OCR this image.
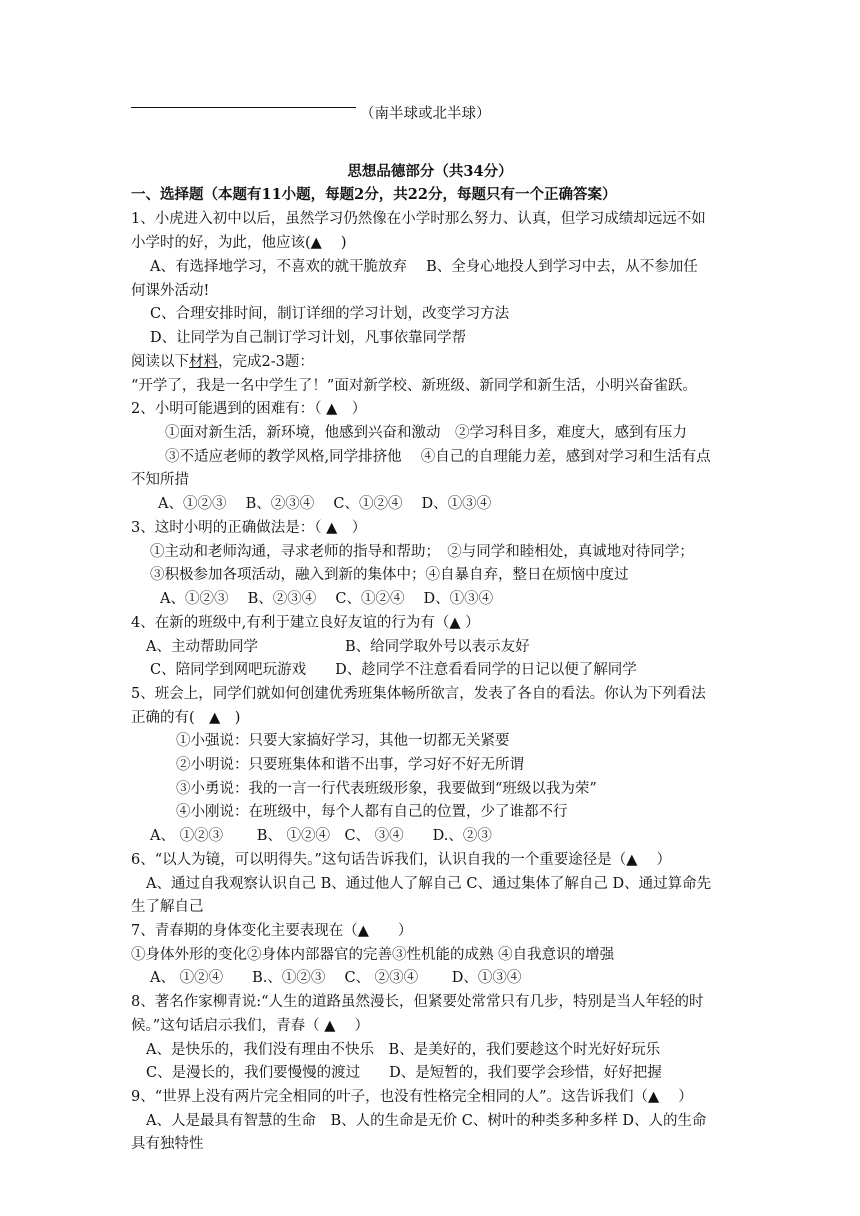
（南半球或北半球）
思想品德部分（共34分）
一、选择题（本题有11小题，每题2分，共22分，每题只有一个正确答案）
1、小虎进入初中以后，虽然学习仍然像在小学时那么努力、认真，但学习成绩却远远不如
小学时的好，为此，他应该(▲　 )
A、有选择地学习，不喜欢的就干脆放弃　 B、全身心地投人到学习中去，从不参加任
何课外活动!
C、合理安排时间，制订详细的学习计划，改变学习方法
D、让同学为自己制订学习计划，凡事依靠同学帮
阅读以下材料，完成2-3题：
“开学了，我是一名中学生了！”面对新学校、新班级、新同学和新生活，小明兴奋雀跃。
2、小明可能遇到的困难有：（ ▲　）
①面对新生活，新环境，他感到兴奋和激动　②学习科目多，难度大，感到有压力
③不适应老师的教学风格,同学排挤他　 ④自己的自理能力差，感到对学习和生活有点
不知所措
A、①②③　 B、②③④　 C、①②④　 D、①③④
3、这时小明的正确做法是：（ ▲　）
①主动和老师沟通，寻求老师的指导和帮助；　②与同学和睦相处，真诚地对待同学；
③积极参加各项活动，融入到新的集体中；④自暴自弃，整日在烦恼中度过
A、①②③　 B、②③④　 C、①②④　 D、①③④
4、在新的班级中,有利于建立良好友谊的行为有（▲ ）
A、主动帮助同学　　　　　　B、给同学取外号以表示友好
C、陪同学到网吧玩游戏　　D、趁同学不注意看看同学的日记以便了解同学
5、班会上，同学们就如何创建优秀班集体畅所欲言，发表了各自的看法。你认为下列看法
正确的有(　▲　)
①小强说：只要大家搞好学习，其他一切都无关紧要
②小明说：只要班集体和谐不出事，学习好不好无所谓
③小勇说：我的一言一行代表班级形象，我要做到“班级以我为荣”
④小刚说：在班级中，每个人都有自己的位置，少了谁都不行
A、 ①②③　　 B、 ①②④　C、 ③④　　D.、②③
6、“以人为镜，可以明得失。”这句话告诉我们，认识自我的一个重要途径是（▲　 ）
A、通过自我观察认识自己 B、通过他人了解自己 C、通过集体了解自己 D、通过算命先
生了解自己
7、青春期的身体变化主要表现在（▲　　）
①身体外形的变化②身体内部器官的完善③性机能的成熟 ④自我意识的增强
A、 ①②④　　B.、①②③　 C、 ②③④　　 D、①③④
8、著名作家柳青说:“人生的道路虽然漫长，但紧要处常常只有几步，特别是当人年轻的时
候。”这句话启示我们，青春（ ▲　 ）
A、是快乐的，我们没有理由不快乐　B、是美好的，我们要趁这个时光好好玩乐
C、是漫长的，我们要慢慢的渡过　　D、是短暂的，我们要学会珍惜，好好把握
9、“世界上没有两片完全相同的叶子，也没有性格完全相同的人”。这告诉我们（▲　 ）
A、人是最具有智慧的生命　B、人的生命是无价 C、树叶的种类多种多样 D、人的生命
具有独特性
